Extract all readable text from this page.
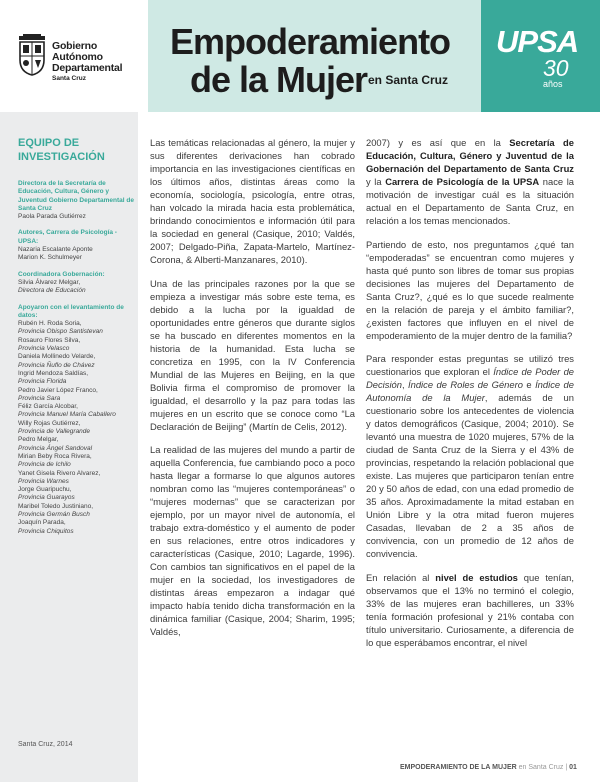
Gobierno
Autónomo
Departamental
Santa Cruz
Empoderamiento
de la Mujer en Santa Cruz
UPSA
30
años
EQUIPO DE INVESTIGACIÓN
Directora de la Secretaría de Educación, Cultura, Género y Juventud Gobierno Departamental de Santa Cruz
Paola Parada Gutiérrez
Autores, Carrera de Psicología - UPSA:
Nazaria Escalante Aponte
Marion K. Schulmeyer
Coordinadora Gobernación:
Silvia Álvarez Melgar,
Directora de Educación
Apoyaron con el levantamiento de datos:
Rubén H. Roda Soria,
Provincia Obispo Santistevan
Rosauro Flores Silva,
Provincia Velasco
Daniela Mollinedo Velarde,
Provincia Ñuflo de Chávez
Ingrid Mendoza Saldías,
Provincia Florida
Pedro Javier López Franco,
Provincia Sara
Féliz García Alcobar,
Provincia Manuel María Caballero
Willy Rojas Gutiérrez,
Provincia de Vallegrande
Pedro Melgar,
Provincia Ángel Sandoval
Mirian Beby Roca Rivera,
Provincia de Ichilo
Yanet Gisela Rivero Alvarez,
Provincia Warnes
Jorge Guaripuchu,
Provincia Guarayos
Maribel Toledo Justiniano,
Provincia Germán Busch
Joaquín Parada,
Provincia Chiquitos
Santa Cruz, 2014

Las temáticas relacionadas al género, la mujer y sus diferentes derivaciones han cobrado importancia en las investigaciones científicas en los últimos años, distintas áreas como la economía, sociología, psicología, entre otras, han volcado la mirada hacia esta problemática, brindando conocimientos e información útil para la sociedad en general (Casique, 2010; Valdés, 2007; Delgado-Piña, Zapata-Martelo, Martínez-Corona, & Alberti-Manzanares, 2010).

Una de las principales razones por la que se empieza a investigar más sobre este tema, es debido a la lucha por la igualdad de oportunidades entre géneros que durante siglos se ha buscado en diferentes momentos en la historia de la humanidad. Esta lucha se concretiza en 1995, con la IV Conferencia Mundial de las Mujeres en Beijing, en la que Bolivia firma el compromiso de promover la igualdad, el desarrollo y la paz para todas las mujeres en un escrito que se conoce como “La Declaración de Beijing” (Martín de Celis, 2012).

La realidad de las mujeres del mundo a partir de aquella Conferencia, fue cambiando poco a poco hasta llegar a formarse lo que algunos autores nombran como las “mujeres contemporáneas” o “mujeres modernas” que se caracterizan por ejemplo, por un mayor nivel de autonomía, el trabajo extra-doméstico y el aumento de poder en sus relaciones, entre otros indicadores y características (Casique, 2010; Lagarde, 1996). Con cambios tan significativos en el papel de la mujer en la sociedad, los investigadores de distintas áreas empezaron a indagar qué impacto había tenido dicha transformación en la dinámica familiar (Casique, 2004; Sharim, 1995; Valdés,

2007) y es así que en la Secretaría de Educación, Cultura, Género y Juventud de la Gobernación del Departamento de Santa Cruz y la Carrera de Psicología de la UPSA nace la motivación de investigar cuál es la situación actual en el Departamento de Santa Cruz, en relación a los temas mencionados.

Partiendo de esto, nos preguntamos ¿qué tan “empoderadas” se encuentran como mujeres y hasta qué punto son libres de tomar sus propias decisiones las mujeres del Departamento de Santa Cruz?, ¿qué es lo que sucede realmente en la relación de pareja y el ámbito familiar?, ¿existen factores que influyen en el nivel de empoderamiento de la mujer dentro de la familia?

Para responder estas preguntas se utilizó tres cuestionarios que exploran el Índice de Poder de Decisión, Índice de Roles de Género e Índice de Autonomía de la Mujer, además de un cuestionario sobre los antecedentes de violencia y datos demográficos (Casique, 2004; 2010). Se levantó una muestra de 1020 mujeres, 57% de la ciudad de Santa Cruz de la Sierra y el 43% de provincias, respetando la relación poblacional que existe. Las mujeres que participaron tenían entre 20 y 50 años de edad, con una edad promedio de 35 años. Aproximadamente la mitad estaban en Unión Libre y la otra mitad fueron mujeres Casadas, llevaban de 2 a 35 años de convivencia, con un promedio de 12 años de convivencia.

En relación al nivel de estudios que tenían, observamos que el 13% no terminó el colegio, 33% de las mujeres eran bachilleres, un 33% tenía formación profesional y 21% contaba con título universitario. Curiosamente, a diferencia de lo que esperábamos encontrar, el nivel

EMPODERAMIENTO DE LA MUJER en Santa Cruz | 01
